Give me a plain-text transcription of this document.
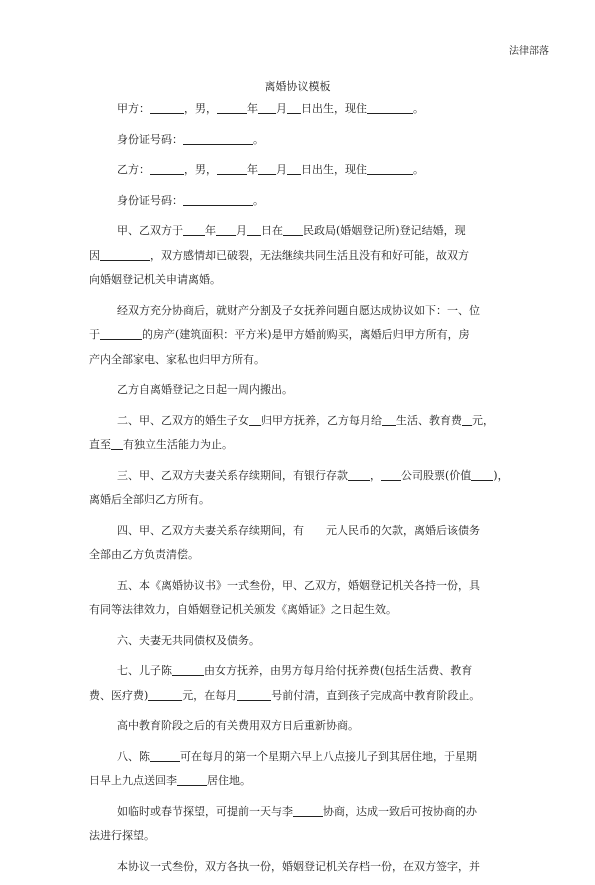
法律部落
离婚协议模板

甲方：	，男，	年 月 日出生，现住	。

身份证号码：	。

乙方：	，男，	年 月 日出生，现住	。

身份证号码：	。

甲、乙双方于 年 月 日在 民政局(婚姻登记所)登记结婚，现
因	，双方感情却已破裂，无法继续共同生活且没有和好可能，故双方
向婚姻登记机关申请离婚。

经双方充分协商后，就财产分割及子女抚养问题自愿达成协议如下：一、位
于	的房产(建筑面积：平方米)是甲方婚前购买，离婚后归甲方所有，房
产内全部家电、家私也归甲方所有。

乙方自离婚登记之日起一周内搬出。

二、甲、乙双方的婚生子女 归甲方抚养，乙方每月给 生活、教育费 元，
直至 有独立生活能力为止。

三、甲、乙双方夫妻关系存续期间，有银行存款 ， 公司股票(价值 )，
离婚后全部归乙方所有。

四、甲、乙双方夫妻关系存续期间，有 元人民币的欠款，离婚后该债务
全部由乙方负责清偿。

五、本《离婚协议书》一式叁份，甲、乙双方，婚姻登记机关各持一份，具
有同等法律效力，自婚姻登记机关颁发《离婚证》之日起生效。

六、夫妻无共同债权及债务。

七、儿子陈	由女方抚养，由男方每月给付抚养费(包括生活费、教育
费、医疗费)	元，在每月	号前付清，直到孩子完成高中教育阶段止。

高中教育阶段之后的有关费用双方日后重新协商。

八、陈	可在每月的第一个星期六早上八点接儿子到其居住地，于星期
日早上九点送回李	居住地。

如临时或春节探望，可提前一天与李	协商，达成一致后可按协商的办
法进行探望。

本协议一式叁份，双方各执一份，婚姻登记机关存档一份，在双方签字，并
